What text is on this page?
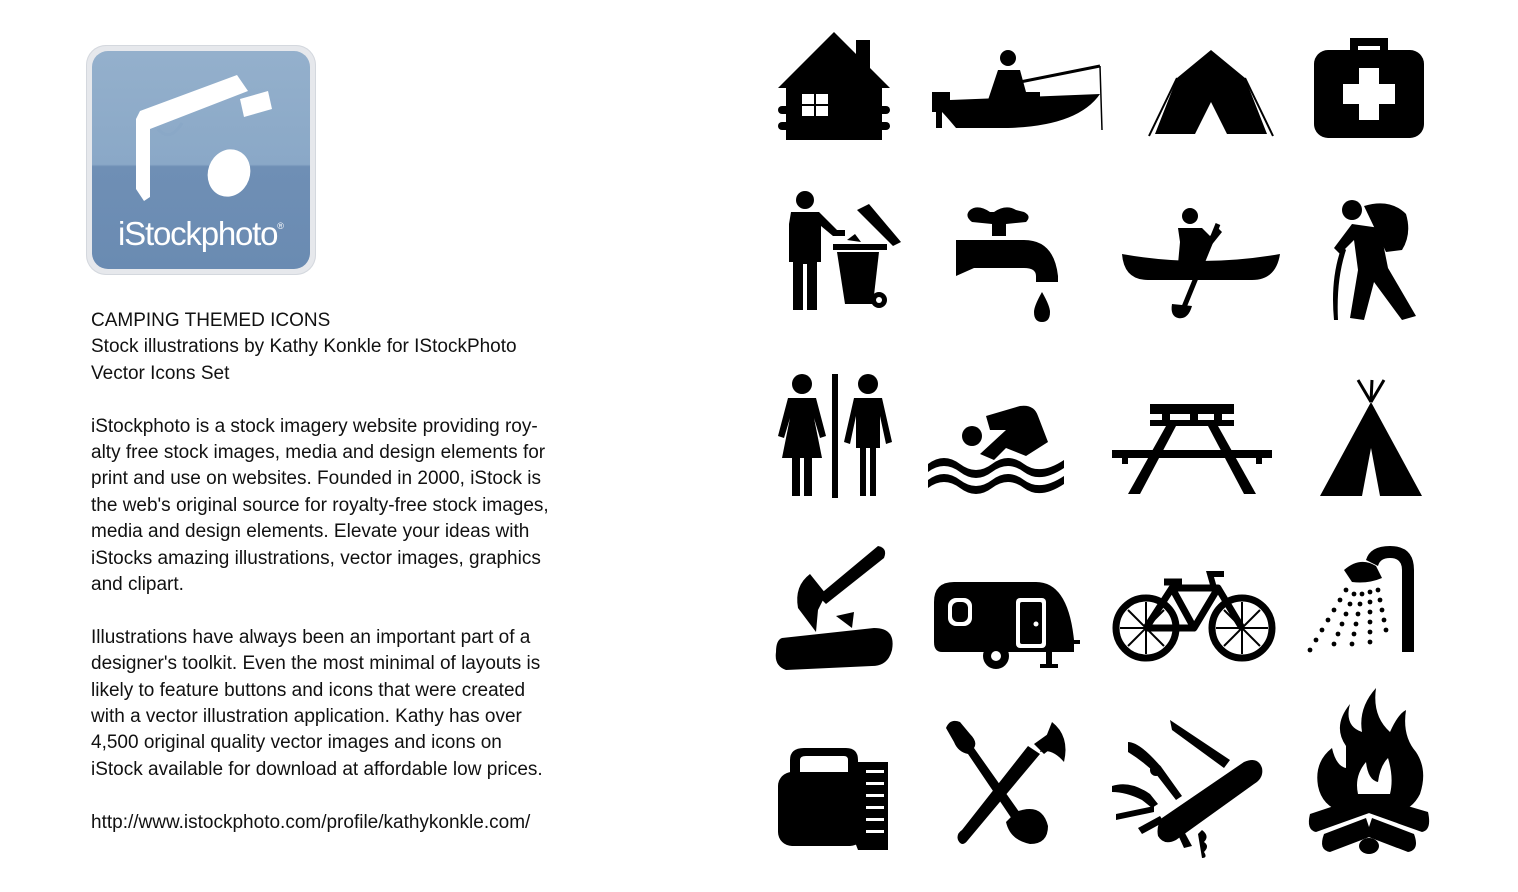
iStockphoto®

CAMPING THEMED ICONS

Stock illustrations by Kathy Konkle for IStockPhoto

Vector Icons Set

iStockphoto is a stock imagery website providing roy-

alty free stock images, media and design elements for

print and use on websites. Founded in 2000, iStock is

the web's original source for royalty-free stock images,

media and design elements. Elevate your ideas with

iStocks amazing illustrations, vector images, graphics

and clipart.

Illustrations have always been an important part of a

designer's toolkit. Even the most minimal of layouts is

likely to feature buttons and icons that were created

with a vector illustration application. Kathy has over

4,500 original quality vector images and icons on

iStock available for download at affordable low prices.

http://www.istockphoto.com/profile/kathykonkle.com/
